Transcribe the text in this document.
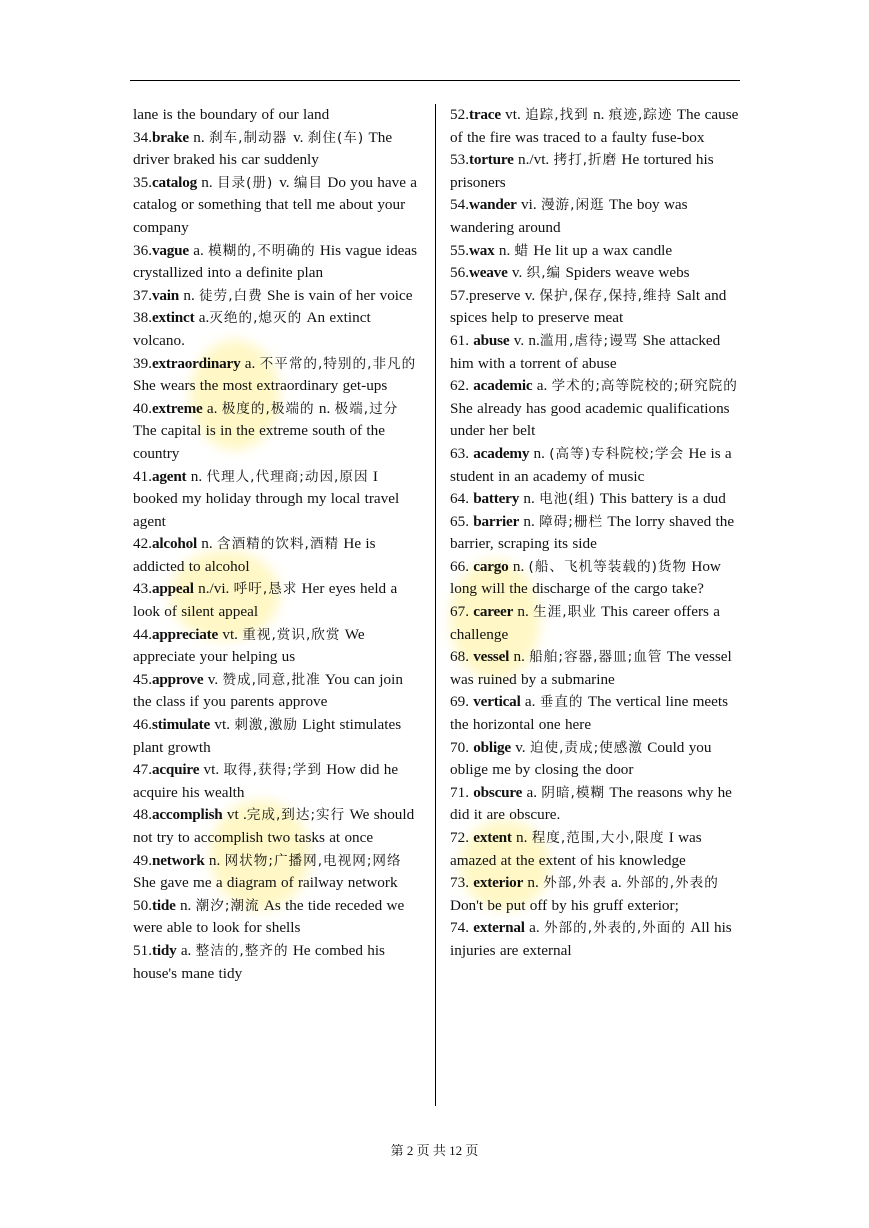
lane is the boundary of our land

34.brake n. 刹车,制动器 v. 刹住(车) The driver braked his car suddenly

35.catalog n. 目录(册) v. 编目 Do you have a catalog or something that tell me about your company

36.vague a. 模糊的,不明确的 His vague ideas crystallized into a definite plan

37.vain n. 徒劳,白费 She is vain of her voice

38.extinct a.灭绝的,熄灭的 An extinct volcano.

39.extraordinary a. 不平常的,特别的,非凡的 She wears the most extraordinary get-ups

40.extreme a. 极度的,极端的 n. 极端,过分 The capital is in the extreme south of the country

41.agent n. 代理人,代理商;动因,原因 I booked my holiday through my local travel agent

42.alcohol n. 含酒精的饮料,酒精 He is addicted to alcohol

43.appeal n./vi. 呼吁,恳求 Her eyes held a look of silent appeal

44.appreciate vt. 重视,赏识,欣赏 We appreciate your helping us

45.approve v. 赞成,同意,批准 You can join the class if you parents approve

46.stimulate vt. 刺激,激励 Light stimulates plant growth

47.acquire vt. 取得,获得;学到 How did he acquire his wealth

48.accomplish vt .完成,到达;实行 We should not try to accomplish two tasks at once

49.network n. 网状物;广播网,电视网;网络 She gave me a diagram of railway network

50.tide n. 潮汐;潮流 As the tide receded we were able to look for shells

51.tidy a. 整洁的,整齐的 He combed his house's mane tidy

52.trace vt. 追踪,找到 n. 痕迹,踪迹 The cause of the fire was traced to a faulty fuse-box

53.torture n./vt. 拷打,折磨 He tortured his prisoners

54.wander vi. 漫游,闲逛 The boy was wandering around

55.wax n. 蜡 He lit up a wax candle

56.weave v. 织,编 Spiders weave webs

57.preserve v. 保护,保存,保持,维持 Salt and spices help to preserve meat

61. abuse v. n.滥用,虐待;谩骂 She attacked him with a torrent of abuse

62. academic a. 学术的;高等院校的;研究院的 She already has good academic qualifications under her belt

63. academy n. (高等)专科院校;学会 He is a student in an academy of music

64. battery n. 电池(组) This battery is a dud

65. barrier n. 障碍;栅栏 The lorry shaved the barrier, scraping its side

66. cargo n. (船、飞机等装载的)货物 How long will the discharge of the cargo take?

67. career n. 生涯,职业 This career offers a challenge

68. vessel n. 船舶;容器,器皿;血管 The vessel was ruined by a submarine

69. vertical a. 垂直的 The vertical line meets the horizontal one here

70. oblige v. 迫使,责成;使感激 Could you oblige me by closing the door

71. obscure a. 阴暗,模糊 The reasons why he did it are obscure.

72. extent n. 程度,范围,大小,限度 I was amazed at the extent of his knowledge

73. exterior n. 外部,外表 a. 外部的,外表的 Don't be put off by his gruff exterior;

74. external a. 外部的,外表的,外面的 All his injuries are external

第 2 页 共 12 页
